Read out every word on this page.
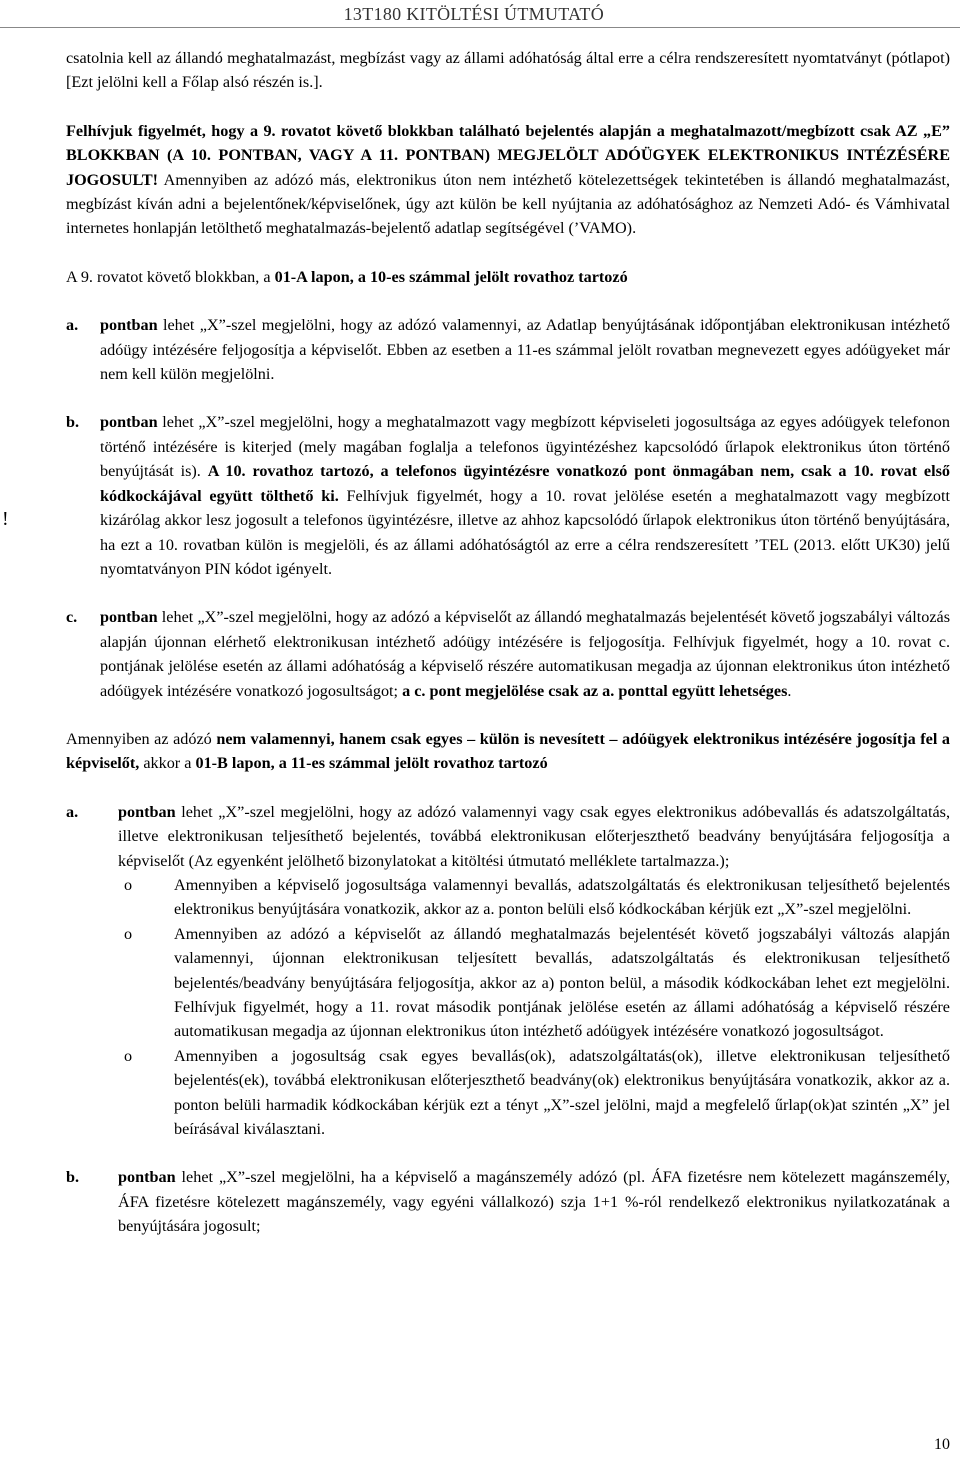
13T180 KITÖLTÉSI ÚTMUTATÓ
!

csatolnia kell az állandó meghatalmazást, megbízást vagy az állami adóhatóság által erre a célra rendszeresített nyomtatványt (pótlapot) [Ezt jelölni kell a Főlap alsó részén is.].

Felhívjuk figyelmét, hogy a 9. rovatot követő blokkban található bejelentés alapján a meghatalmazott/megbízott csak AZ „E” BLOKKBAN (A 10. PONTBAN, VAGY A 11. PONTBAN) MEGJELÖLT ADÓÜGYEK ELEKTRONIKUS INTÉZÉSÉRE JOGOSULT! Amennyiben az adózó más, elektronikus úton nem intézhető kötelezettségek tekintetében is állandó meghatalmazást, megbízást kíván adni a bejelentőnek/képviselőnek, úgy azt külön be kell nyújtania az adóhatósághoz az Nemzeti Adó- és Vámhivatal internetes honlapján letölthető meghatalmazás-bejelentő adatlap segítségével (’VAMO).

A 9. rovatot követő blokkban, a 01-A lapon, a 10-es számmal jelölt rovathoz tartozó

a. pontban lehet „X”-szel megjelölni, hogy az adózó valamennyi, az Adatlap benyújtásának időpontjában elektronikusan intézhető adóügy intézésére feljogosítja a képviselőt. Ebben az esetben a 11-es számmal jelölt rovatban megnevezett egyes adóügyeket már nem kell külön megjelölni.

b. pontban lehet „X”-szel megjelölni, hogy a meghatalmazott vagy megbízott képviseleti jogosultsága az egyes adóügyek telefonon történő intézésére is kiterjed (mely magában foglalja a telefonos ügyintézéshez kapcsolódó űrlapok elektronikus úton történő benyújtását is). A 10. rovathoz tartozó, a telefonos ügyintézésre vonatkozó pont önmagában nem, csak a 10. rovat első kódkockájával együtt tölthető ki. Felhívjuk figyelmét, hogy a 10. rovat jelölése esetén a meghatalmazott vagy megbízott kizárólag akkor lesz jogosult a telefonos ügyintézésre, illetve az ahhoz kapcsolódó űrlapok elektronikus úton történő benyújtására, ha ezt a 10. rovatban külön is megjelöli, és az állami adóhatóságtól az erre a célra rendszeresített ’TEL (2013. előtt UK30) jelű nyomtatványon PIN kódot igényelt.

c. pontban lehet „X”-szel megjelölni, hogy az adózó a képviselőt az állandó meghatalmazás bejelentését követő jogszabályi változás alapján újonnan elérhető elektronikusan intézhető adóügy intézésére is feljogosítja. Felhívjuk figyelmét, hogy a 10. rovat c. pontjának jelölése esetén az állami adóhatóság a képviselő részére automatikusan megadja az újonnan elektronikus úton intézhető adóügyek intézésére vonatkozó jogosultságot; a c. pont megjelölése csak az a. ponttal együtt lehetséges.

Amennyiben az adózó nem valamennyi, hanem csak egyes – külön is nevesített – adóügyek elektronikus intézésére jogosítja fel a képviselőt, akkor a 01-B lapon, a 11-es számmal jelölt rovathoz tartozó

a. pontban lehet „X”-szel megjelölni, hogy az adózó valamennyi vagy csak egyes elektronikus adóbevallás és adatszolgáltatás, illetve elektronikusan teljesíthető bejelentés, továbbá elektronikusan előterjeszthető beadvány benyújtására feljogosítja a képviselőt (Az egyenként jelölhető bizonylatokat a kitöltési útmutató melléklete tartalmazza.);

o	Amennyiben a képviselő jogosultsága valamennyi bevallás, adatszolgáltatás és elektronikusan teljesíthető bejelentés elektronikus benyújtására vonatkozik, akkor az a. ponton belüli első kódkockában kérjük ezt „X”-szel megjelölni.

o	Amennyiben az adózó a képviselőt az állandó meghatalmazás bejelentését követő jogszabályi változás alapján valamennyi, újonnan elektronikusan teljesített bevallás, adatszolgáltatás és elektronikusan teljesíthető bejelentés/beadvány benyújtására feljogosítja, akkor az a) ponton belül, a második kódkockában lehet ezt megjelölni. Felhívjuk figyelmét, hogy a 11. rovat második pontjának jelölése esetén az állami adóhatóság a képviselő részére automatikusan megadja az újonnan elektronikus úton intézhető adóügyek intézésére vonatkozó jogosultságot.

o	Amennyiben a jogosultság csak egyes bevallás(ok), adatszolgáltatás(ok), illetve elektronikusan teljesíthető bejelentés(ek), továbbá elektronikusan előterjeszthető beadvány(ok) elektronikus benyújtására vonatkozik, akkor az a. ponton belüli harmadik kódkockában kérjük ezt a tényt „X”-szel jelölni, majd a megfelelő űrlap(ok)at szintén „X” jel beírásával kiválasztani.

b. pontban lehet „X”-szel megjelölni, ha a képviselő a magánszemély adózó (pl. ÁFA fizetésre nem kötelezett magánszemély, ÁFA fizetésre kötelezett magánszemély, vagy egyéni vállalkozó) szja 1+1 %-ról rendelkező elektronikus nyilatkozatának a benyújtására jogosult;

10
